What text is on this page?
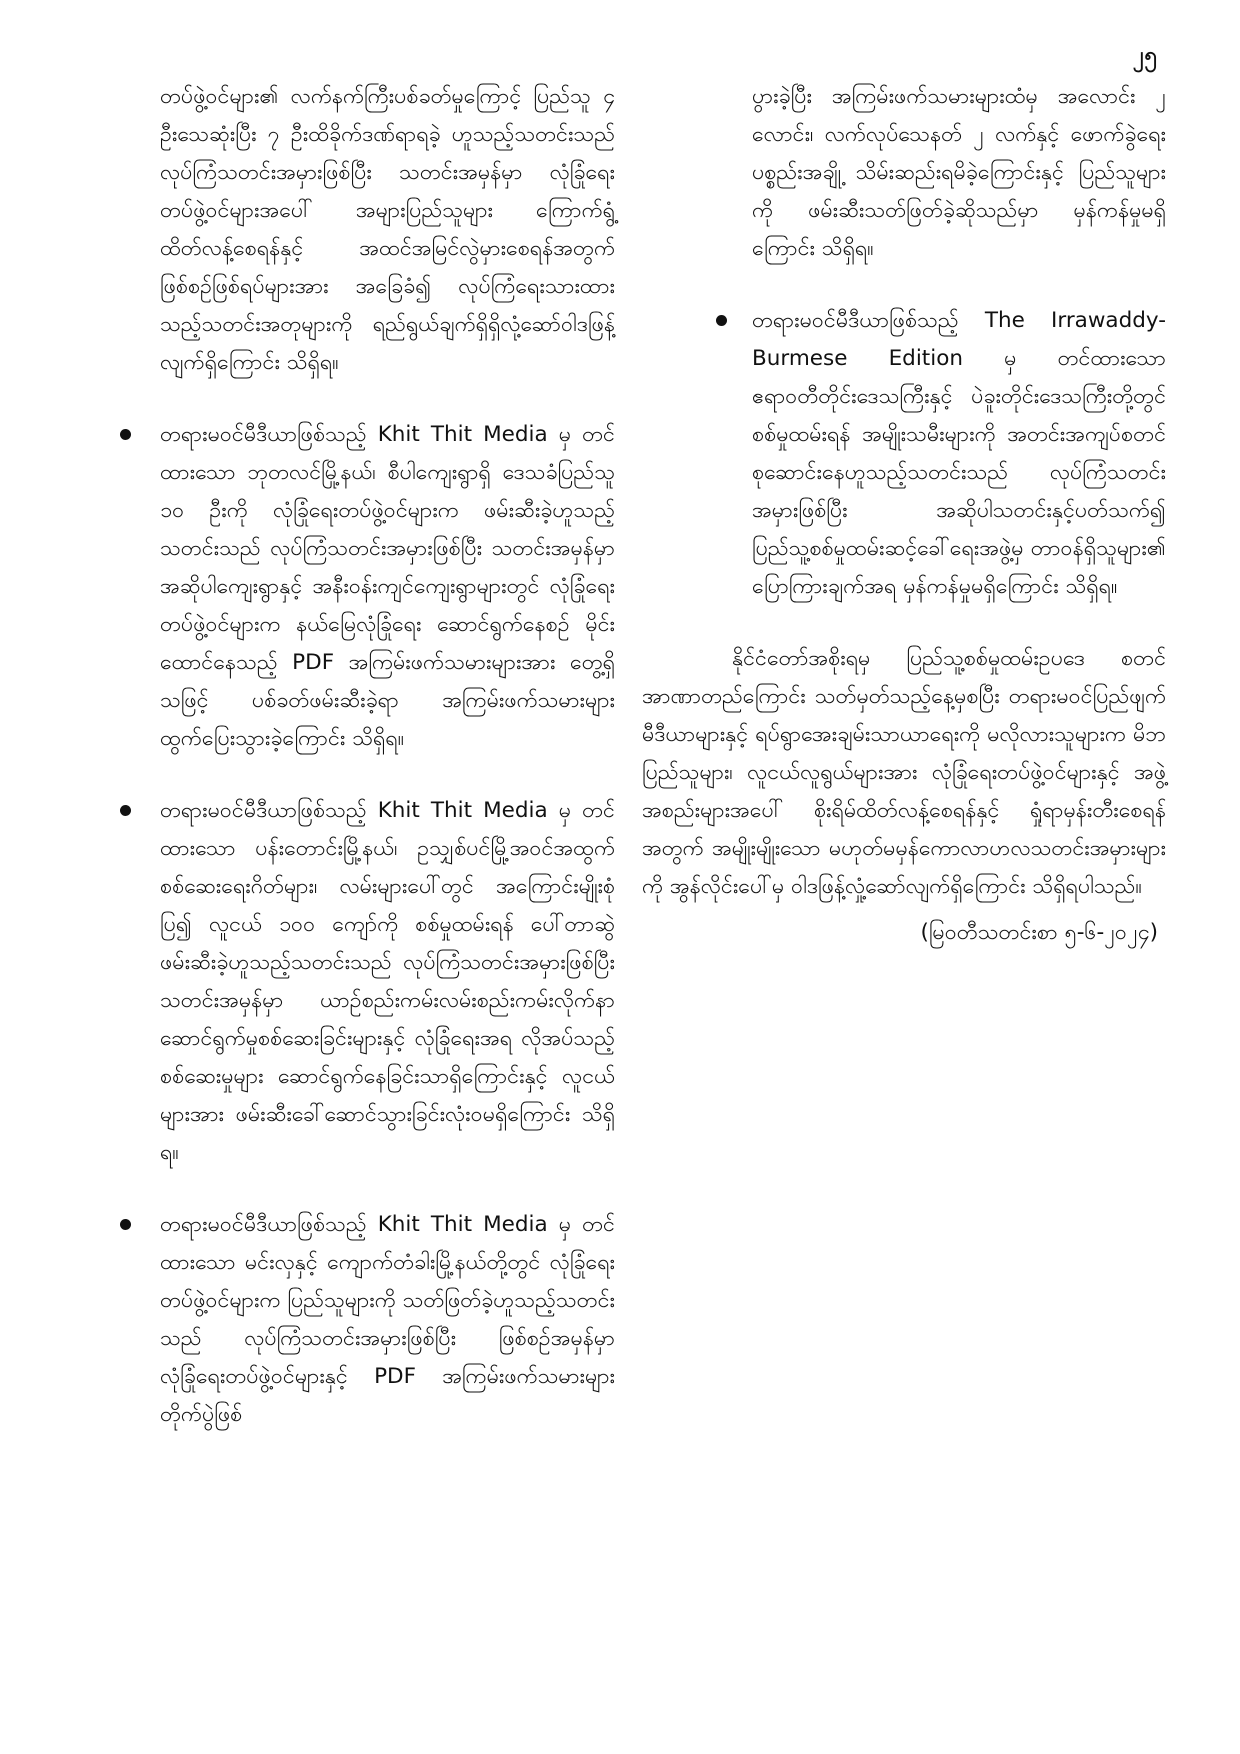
၂၅

တပ်ဖွဲ့ဝင်များ၏ လက်နက်ကြီးပစ်ခတ်မှုကြောင့် ပြည်သူ ၄ ဦးသေဆုံးပြီး ၇ ဦးထိခိုက်ဒဏ်ရာရခဲ့ ဟူသည့်သတင်းသည် လုပ်ကြံသတင်းအမှားဖြစ်ပြီး သတင်းအမှန်မှာ လုံခြုံရေးတပ်ဖွဲ့ဝင်များအပေါ် အများပြည်သူများ ကြောက်ရွံ့ထိတ်လန့်စေရန်နှင့် အထင်အမြင်လွဲမှားစေရန်အတွက် ဖြစ်စဉ်ဖြစ်ရပ်များအား အခြေခံ၍ လုပ်ကြံရေးသားထားသည့်သတင်းအတုများကို ရည်ရွယ်ချက်ရှိရှိလုံ့ဆော်ဝါဒဖြန့်လျက်ရှိကြောင်း သိရှိရ။

တရားမဝင်မီဒီယာဖြစ်သည့် Khit Thit Media မှ တင်ထားသော ဘုတလင်မြို့နယ်၊ စီပါကျေးရွာရှိ ဒေသခံပြည်သူ ၁၀ ဦးကို လုံခြုံရေးတပ်ဖွဲ့ဝင်များက ဖမ်းဆီးခဲ့ဟူသည့်သတင်းသည် လုပ်ကြံသတင်းအမှားဖြစ်ပြီး သတင်းအမှန်မှာ အဆိုပါကျေးရွာနှင့် အနီးဝန်းကျင်ကျေးရွာများတွင် လုံခြုံရေးတပ်ဖွဲ့ဝင်များက နယ်မြေလုံခြုံရေး ဆောင်ရွက်နေစဉ် မိုင်းထောင်နေသည့် PDF အကြမ်းဖက်သမားများအား တွေ့ရှိသဖြင့် ပစ်ခတ်ဖမ်းဆီးခဲ့ရာ အကြမ်းဖက်သမားများ ထွက်ပြေးသွားခဲ့ကြောင်း သိရှိရ။

တရားမဝင်မီဒီယာဖြစ်သည့် Khit Thit Media မှ တင်ထားသော ပန်းတောင်းမြို့နယ်၊ ဥသျှစ်ပင်မြို့အဝင်အထွက် စစ်ဆေးရေးဂိတ်များ၊ လမ်းများပေါ်တွင် အကြောင်းမျိုးစုံပြ၍ လူငယ် ၁၀၀ ကျော်ကို စစ်မှုထမ်းရန် ပေါ်တာဆွဲဖမ်းဆီးခဲ့ဟူသည့်သတင်းသည် လုပ်ကြံသတင်းအမှားဖြစ်ပြီး သတင်းအမှန်မှာ ယာဉ်စည်းကမ်းလမ်းစည်းကမ်းလိုက်နာဆောင်ရွက်မှုစစ်ဆေးခြင်းများနှင့် လုံခြုံရေးအရ လိုအပ်သည့်စစ်ဆေးမှုများ ဆောင်ရွက်နေခြင်းသာရှိကြောင်းနှင့် လူငယ်များအား ဖမ်းဆီးခေါ်ဆောင်သွားခြင်းလုံးဝမရှိကြောင်း သိရှိရ။

တရားမဝင်မီဒီယာဖြစ်သည့် Khit Thit Media မှ တင်ထားသော မင်းလှနှင့် ကျောက်တံခါးမြို့နယ်တို့တွင် လုံခြုံရေးတပ်ဖွဲ့ဝင်များက ပြည်သူများကို သတ်ဖြတ်ခဲ့ဟူသည့်သတင်းသည် လုပ်ကြံသတင်းအမှားဖြစ်ပြီး ဖြစ်စဉ်အမှန်မှာ လုံခြုံရေးတပ်ဖွဲ့ဝင်များနှင့် PDF အကြမ်းဖက်သမားများ တိုက်ပွဲဖြစ်

ပွားခဲ့ပြီး အကြမ်းဖက်သမားများထံမှ အလောင်း ၂ လောင်း၊ လက်လုပ်သေနတ် ၂ လက်နှင့် ဖောက်ခွဲရေးပစ္စည်းအချို့ သိမ်းဆည်းရမိခဲ့ကြောင်းနှင့် ပြည်သူများကို ဖမ်းဆီးသတ်ဖြတ်ခဲ့ဆိုသည်မှာ မှန်ကန်မှုမရှိကြောင်း သိရှိရ။

တရားမဝင်မီဒီယာဖြစ်သည့် The Irrawaddy- Burmese Edition မှ တင်ထားသော ဧရာဝတီတိုင်းဒေသကြီးနှင့် ပဲခူးတိုင်းဒေသကြီးတို့တွင် စစ်မှုထမ်းရန် အမျိုးသမီးများကို အတင်းအကျပ်စတင်စုဆောင်းနေဟူသည့်သတင်းသည် လုပ်ကြံသတင်းအမှားဖြစ်ပြီး အဆိုပါသတင်းနှင့်ပတ်သက်၍ ပြည်သူ့စစ်မှုထမ်းဆင့်ခေါ်ရေးအဖွဲ့မှ တာဝန်ရှိသူများ၏ ပြောကြားချက်အရ မှန်ကန်မှုမရှိကြောင်း သိရှိရ။

နိုင်ငံတော်အစိုးရမှ ပြည်သူ့စစ်မှုထမ်းဥပဒေ စတင်အာဏာတည်ကြောင်း သတ်မှတ်သည့်နေ့မှစပြီး တရားမဝင်ပြည်ဖျက်မီဒီယာများနှင့် ရပ်ရွာအေးချမ်းသာယာရေးကို မလိုလားသူများက မိဘပြည်သူများ၊ လူငယ်လူရွယ်များအား လုံခြုံရေးတပ်ဖွဲ့ဝင်များနှင့် အဖွဲ့အစည်းများအပေါ် စိုးရိမ်ထိတ်လန့်စေရန်နှင့် ရှုံရာမှန်းတီးစေရန်အတွက် အမျိုးမျိုးသော မဟုတ်မမှန်ကောလာဟလသတင်းအမှားများကို အွန်လိုင်းပေါ်မှ ဝါဒဖြန့်လှုံ့ဆော်လျက်ရှိကြောင်း သိရှိရပါသည်။

(မြဝတီသတင်းစာ ၅-၆-၂၀၂၄)
